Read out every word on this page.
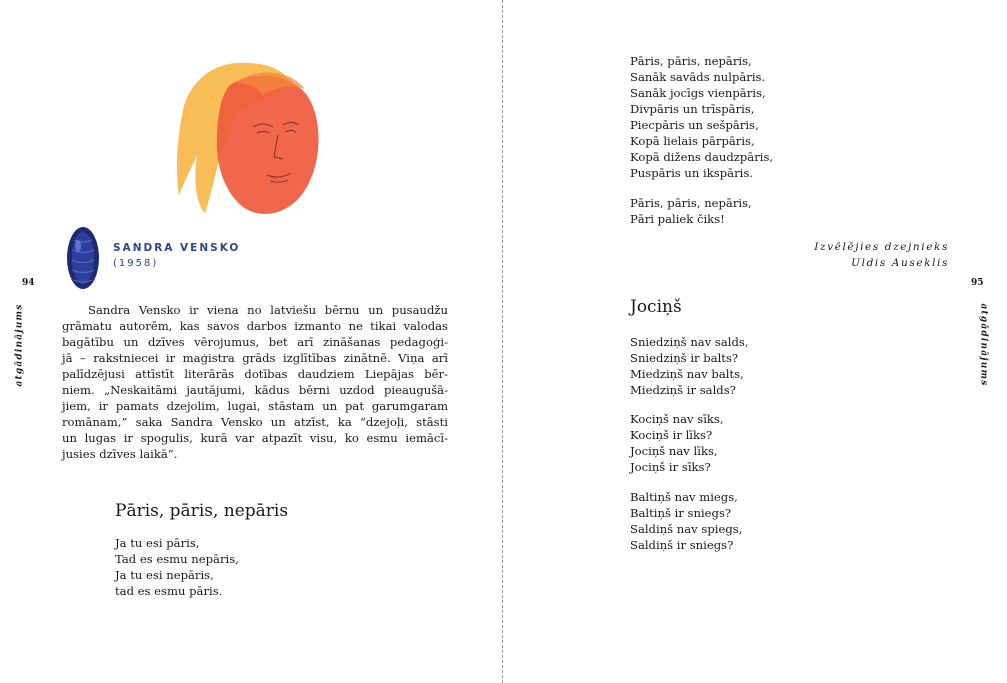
94
atgādinājums
SANDRA VENSKO
(1958)

Sandra Vensko ir viena no latviešu bērnu un pusaudžu
grāmatu autorēm, kas savos darbos izmanto ne tikai valodas
bagātību un dzīves vērojumus, bet arī zināšanas pedagoģi-
jā – rakstniecei ir maģistra grāds izglītības zinātnē. Viņa arī
palīdzējusi attīstīt literārās dotības daudziem Liepājas bēr-
niem. „Neskaitāmi jautājumi, kādus bērni uzdod pieaugušā-
jiem, ir pamats dzejolim, lugai, stāstam un pat garumgaram
romānam,” saka Sandra Vensko un atzīst, ka “dzejoļi, stāsti
un lugas ir spogulis, kurā var atpazīt visu, ko esmu iemācī-
jusies dzīves laikā”.

Pāris, pāris, nepāris
Ja tu esi pāris,
Tad es esmu nepāris,
Ja tu esi nepāris,
tad es esmu pāris.
Pāris, pāris, nepāris,
Sanāk savāds nulpāris.
Sanāk jocīgs vienpāris,
Divpāris un trīspāris,
Piecpāris un sešpāris,
Kopā lielais pārpāris,
Kopā dižens daudzpāris,
Puspāris un ikspāris.
Pāris, pāris, nepāris,
Pāri paliek čiks!
Izvēlējies dzejnieks
Uldis Auseklis
95
Jociņš
Sniedziņš nav salds,
Sniedziņš ir balts?
Miedziņš nav balts,
Miedziņš ir salds?
Kociņš nav sīks,
Kociņš ir līks?
Jociņš nav līks,
Jociņš ir sīks?
Baltiņš nav miegs,
Baltiņš ir sniegs?
Saldiņš nav spiegs,
Saldiņš ir sniegs?
atgādinājums
